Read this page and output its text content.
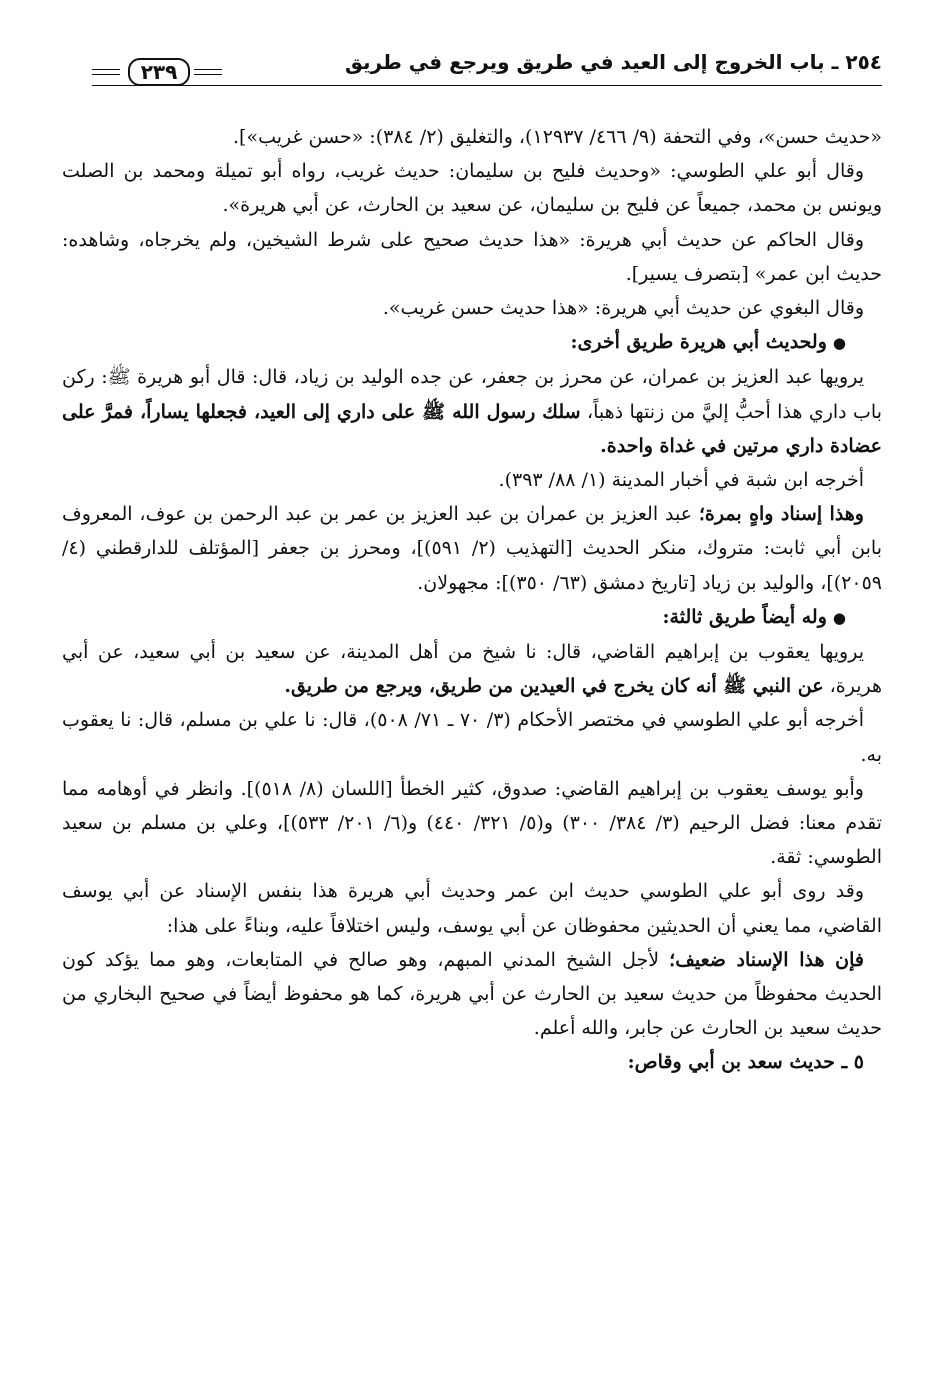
٢٥٤ ـ باب الخروج إلى العيد في طريق ويرجع في طريق
٢٣٩

«حديث حسن»، وفي التحفة (٩/ ٤٦٦/ ١٢٩٣٧)، والتغليق (٢/ ٣٨٤): «حسن غريب»].

وقال أبو علي الطوسي: «وحديث فليح بن سليمان: حديث غريب، رواه أبو تميلة ومحمد بن الصلت ويونس بن محمد، جميعاً عن فليح بن سليمان، عن سعيد بن الحارث، عن أبي هريرة».

وقال الحاكم عن حديث أبي هريرة: «هذا حديث صحيح على شرط الشيخين، ولم يخرجاه، وشاهده: حديث ابن عمر» [بتصرف يسير].

وقال البغوي عن حديث أبي هريرة: «هذا حديث حسن غريب».

●ولحديث أبي هريرة طريق أخرى:

يرويها عبد العزيز بن عمران، عن محرز بن جعفر، عن جده الوليد بن زياد، قال: قال أبو هريرة ﷺ: ركن باب داري هذا أحبُّ إليَّ من زنتها ذهباً، سلك رسول الله ﷺ على داري إلى العيد، فجعلها يساراً، فمرَّ على عضادة داري مرتين في غداة واحدة.

أخرجه ابن شبة في أخبار المدينة (١/ ٨٨/ ٣٩٣).

وهذا إسناد واهٍ بمرة؛ عبد العزيز بن عمران بن عبد العزيز بن عمر بن عبد الرحمن بن عوف، المعروف بابن أبي ثابت: متروك، منكر الحديث [التهذيب (٢/ ٥٩١)]، ومحرز بن جعفر [المؤتلف للدارقطني (٤/ ٢٠٥٩)]، والوليد بن زياد [تاريخ دمشق (٦٣/ ٣٥٠)]: مجهولان.

●وله أيضاً طريق ثالثة:

يرويها يعقوب بن إبراهيم القاضي، قال: نا شيخ من أهل المدينة، عن سعيد بن أبي سعيد، عن أبي هريرة، عن النبي ﷺ أنه كان يخرج في العيدين من طريق، ويرجع من طريق.

أخرجه أبو علي الطوسي في مختصر الأحكام (٣/ ٧٠ ـ ٧١/ ٥٠٨)، قال: نا علي بن مسلم، قال: نا يعقوب به.

وأبو يوسف يعقوب بن إبراهيم القاضي: صدوق، كثير الخطأ [اللسان (٨/ ٥١٨)]. وانظر في أوهامه مما تقدم معنا: فضل الرحيم (٣/ ٣٨٤/ ٣٠٠) و(٥/ ٣٢١/ ٤٤٠) و(٦/ ٢٠١/ ٥٣٣)]، وعلي بن مسلم بن سعيد الطوسي: ثقة.

وقد روى أبو علي الطوسي حديث ابن عمر وحديث أبي هريرة هذا بنفس الإسناد عن أبي يوسف القاضي، مما يعني أن الحديثين محفوظان عن أبي يوسف، وليس اختلافاً عليه، وبناءً على هذا:

فإن هذا الإسناد ضعيف؛ لأجل الشيخ المدني المبهم، وهو صالح في المتابعات، وهو مما يؤكد كون الحديث محفوظاً من حديث سعيد بن الحارث عن أبي هريرة، كما هو محفوظ أيضاً في صحيح البخاري من حديث سعيد بن الحارث عن جابر، والله أعلم.

٥ ـ حديث سعد بن أبي وقاص:
